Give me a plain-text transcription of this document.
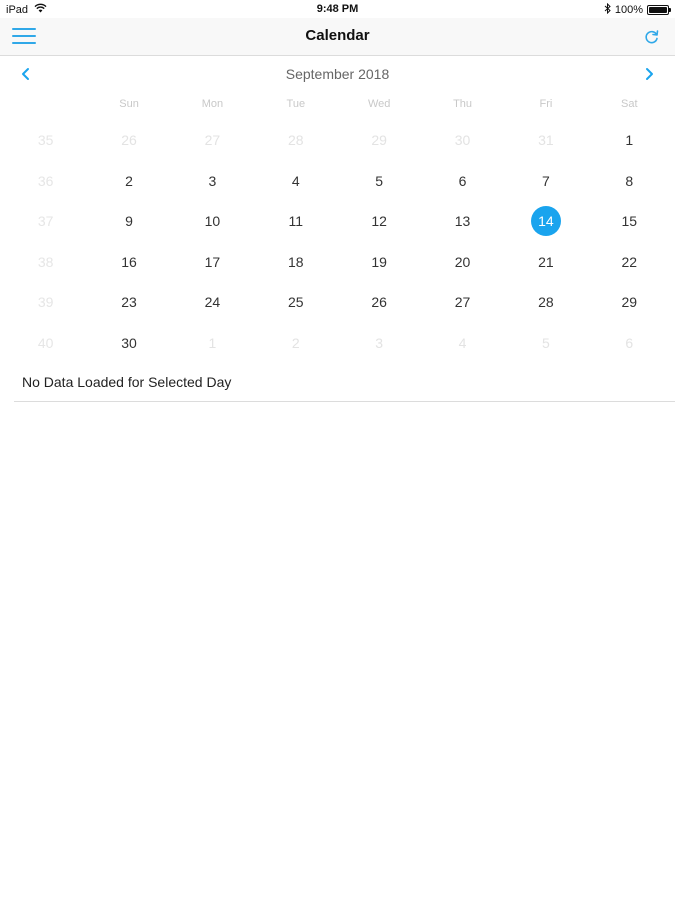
iPad	9:48 PM	100%
Calendar
September 2018
Sun	Mon	Tue	Wed	Thu	Fri	Sat
35	26	27	28	29	30	31	1
36	2	3	4	5	6	7	8
37	9	10	11	12	13	14	15
38	16	17	18	19	20	21	22
39	23	24	25	26	27	28	29
40	30	1	2	3	4	5	6
No Data Loaded for Selected Day
